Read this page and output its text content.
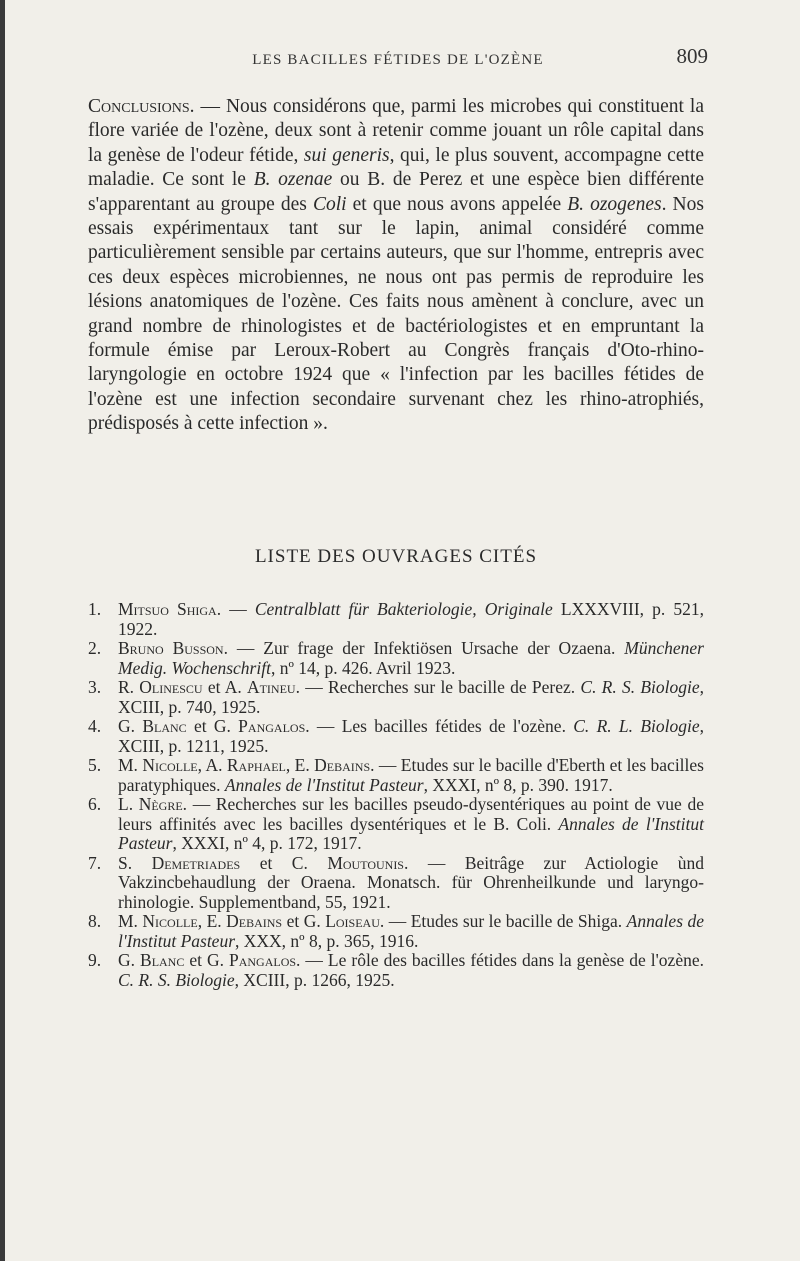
LES BACILLES FÉTIDES DE L'OZÈNE	809

Conclusions. — Nous considérons que, parmi les microbes qui constituent la flore variée de l'ozène, deux sont à retenir comme jouant un rôle capital dans la genèse de l'odeur fétide, sui generis, qui, le plus souvent, accompagne cette maladie. Ce sont le B. ozenae ou B. de Perez et une espèce bien différente s'apparentant au groupe des Coli et que nous avons appelée B. ozogenes. Nos essais expérimentaux tant sur le lapin, animal considéré comme particulièrement sensible par certains auteurs, que sur l'homme, entrepris avec ces deux espèces microbiennes, ne nous ont pas permis de reproduire les lésions anatomiques de l'ozène. Ces faits nous amènent à conclure, avec un grand nombre de rhinologistes et de bactériologistes et en empruntant la formule émise par Leroux-Robert au Congrès français d'Oto-rhino-laryngologie en octobre 1924 que « l'infection par les bacilles fétides de l'ozène est une infection secondaire survenant chez les rhino-atrophiés, prédisposés à cette infection ».

LISTE DES OUVRAGES CITÉS
1. Mitsuo Shiga. — Centralblatt für Bakteriologie, Originale LXXXVIII, p. 521, 1922.
2. Bruno Busson. — Zur frage der Infektiösen Ursache der Ozaena. Münchener Medig. Wochenschrift, nº 14, p. 426. Avril 1923.
3. R. Olinescu et A. Atineu. — Recherches sur le bacille de Perez. C. R. S. Biologie, XCIII, p. 740, 1925.
4. G. Blanc et G. Pangalos. — Les bacilles fétides de l'ozène. C. R. L. Biologie, XCIII, p. 1211, 1925.
5. M. Nicolle, A. Raphael, E. Debains. — Etudes sur le bacille d'Eberth et les bacilles paratyphiques. Annales de l'Institut Pasteur, XXXI, nº 8, p. 390. 1917.
6. L. Nègre. — Recherches sur les bacilles pseudo-dysentériques au point de vue de leurs affinités avec les bacilles dysentériques et le B. Coli. Annales de l'Institut Pasteur, XXXI, nº 4, p. 172, 1917.
7. S. Demetriades et C. Moutounis. — Beitrâge zur Actiologie ùnd Vakzincbehaudlung der Oraena. Monatsch. für Ohrenheilkunde und laryngo-rhinologie. Supplementband, 55, 1921.
8. M. Nicolle, E. Debains et G. Loiseau. — Etudes sur le bacille de Shiga. Annales de l'Institut Pasteur, XXX, nº 8, p. 365, 1916.
9. G. Blanc et G. Pangalos. — Le rôle des bacilles fétides dans la genèse de l'ozène. C. R. S. Biologie, XCIII, p. 1266, 1925.
